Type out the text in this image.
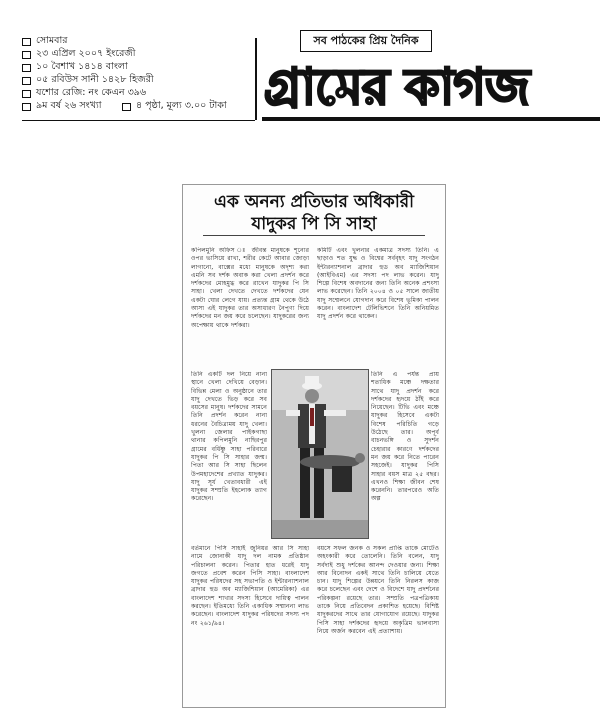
সব পাঠকের প্রিয় দৈনিক
সোমবার
২৩ এপ্রিল ২০০৭ ইংরেজী
১০ বৈশাখ ১৪১৪ বাংলা
০৫ রবিউস সানী ১৪২৮ হিজরী
যশোর রেজি: নং কেএন ৩৯৬
৯ম বর্ষ ২৬ সংখ্যা	৪ পৃষ্ঠা, মূল্য ৩.০০ টাকা গ্রামের কাগজ
এক অনন্য প্রতিভার অধিকারী
যাদুকর পি সি সাহা
কপিলমুনি অফিস ঃ জীবন্ত মানুষকে শূন্যের ওপর ভাসিয়ে রাখা, শরীর কেটে আবার জোড়া লাগানো, বাক্সের মধ্যে মানুষকে অদৃশ্য করা এমনি সব দর্শক অবাক করা খেলা প্রদর্শন করে দর্শকদের মোহমুগ্ধ করে রাখেন যাদুকর পি সি সাহা। খেলা দেখতে দেখতে দর্শকদের যেন একটা ঘোর লেগে যায়। প্রত্যন্ত গ্রাম থেকে উঠে আসা এই যাদুকর তার অসাধারণ নৈপুণ্য দিয়ে দর্শকদের মন জয় করে চলেছেন। যাদুকরের জন্য অপেক্ষায় থাকে দর্শকরা।
কমিটি এবং খুলনার একমাত্র সদস্য তিনি। এ ছাড়াও শত যুদ্ধ ও বিশ্বের সর্ববৃহৎ যাদু সংগঠন ইন্টারন্যাশনাল ব্রাদার হুড অব ম্যাজিশিয়ান (আইবিএম) এর সদস্য পদ লাভ করেন। যাদু শিল্পে বিশেষ অবদানের জন্য তিনি অনেক প্রশংসা লাভ করেছেন। তিনি ২০০৪ ও ০৫ সালে জাতীয় যাদু সম্মেলনে যোগদান করে বিশেষ ভূমিকা পালন করেন। বাংলাদেশ টেলিভিশনে তিনি অনিয়মিত যাদু প্রদর্শন করে থাকেন।
তিনি একটি দল নিয়ে নানা স্থানে খেলা দেখিয়ে বেড়ান। বিভিন্ন মেলা ও অনুষ্ঠানে তার যাদু দেখতে ভিড় করে সব বয়সের মানুষ। দর্শকদের সামনে তিনি প্রদর্শন করেন নানা ধরনের বৈচিত্র্যময় যাদু খেলা। খুলনা জেলার পাইকগাছা থানার কপিলমুনি নাছিরপুর গ্রামের বর্ধিষ্ণু সাহা পরিবারে যাদুকর পি সি সাহার জন্ম। পিতা আর সি সাহা ছিলেন উপমহাদেশের প্রখ্যাত যাদুকর। যাদু সূর্য খেতাবধারী এই যাদুকর সম্প্রতি ইহলোক ত্যাগ করেছেন।
তিনি এ পর্যন্ত প্রায় শতাধিক মঞ্চে দক্ষতার সাথে যাদু প্রদর্শন করে দর্শকদের হৃদয়ে ঠাঁই করে নিয়েছেন। টিভি এবং মঞ্চে যাদুকর হিসেবে একটা বিশেষ পরিচিতি গড়ে উঠেছে তার। অপূর্ব বাচনভঙ্গি ও সুদর্শন চেহারার কারণে দর্শকদের মন জয় করে নিতে পারেন সহজেই। যাদুকর পিসি সাহার বয়স মাত্র ২৫ বছর। এখনও শিক্ষা জীবন শেষ করেননি। তারপরেও অতি অল্প
বর্তমানে পিসি সাহাই জুনিয়র আর সি সাহা নামে জোনাকী যাদু দল নামক প্রতিষ্ঠান পরিচালনা করেন। পিতার হাত ধরেই যাদু জগতে প্রবেশ করেন পিসি সাহা। বাংলাদেশ যাদুকর পরিষদের সহ সভাপতি ও ইন্টারন্যাশনাল ব্রাদার হুড অব ম্যাজিশিয়ান (আমেরিকা) এর বাংলাদেশ শাখার সদস্য হিসেবে দায়িত্ব পালন করছেন। ইতিমধ্যে তিনি একাধিক সম্মাননা লাভ করেছেন। বাংলাদেশ যাদুকর পরিষদের সদস্য পদ নং ২৬১/৯৪।
বয়সে সফল জনক ও সকল প্রাপ্তি তাকে মোটেও অহংকারী করে তোলেনি। তিনি বলেন, যাদু সর্বদাই শুধু দর্শকের আনন্দ দেওয়ার জন্য। শিক্ষা আর বিনোদন একই সাথে তিনি চালিয়ে যেতে চান। যাদু শিল্পের উন্নয়নে তিনি নিরলস কাজ করে চলেছেন এবং দেশে ও বিদেশে যাদু প্রদর্শনের পরিকল্পনা রয়েছে তার। সম্প্রতি পত্রপত্রিকায় তাকে নিয়ে প্রতিবেদন প্রকাশিত হয়েছে। বিশিষ্ট যাদুকরদের সাথে তার যোগাযোগ রয়েছে। যাদুকর পিসি সাহা দর্শকদের হৃদয়ে অকৃত্রিম ভালবাসা নিয়ে অর্জন করবেন এই প্রত্যাশায়।
